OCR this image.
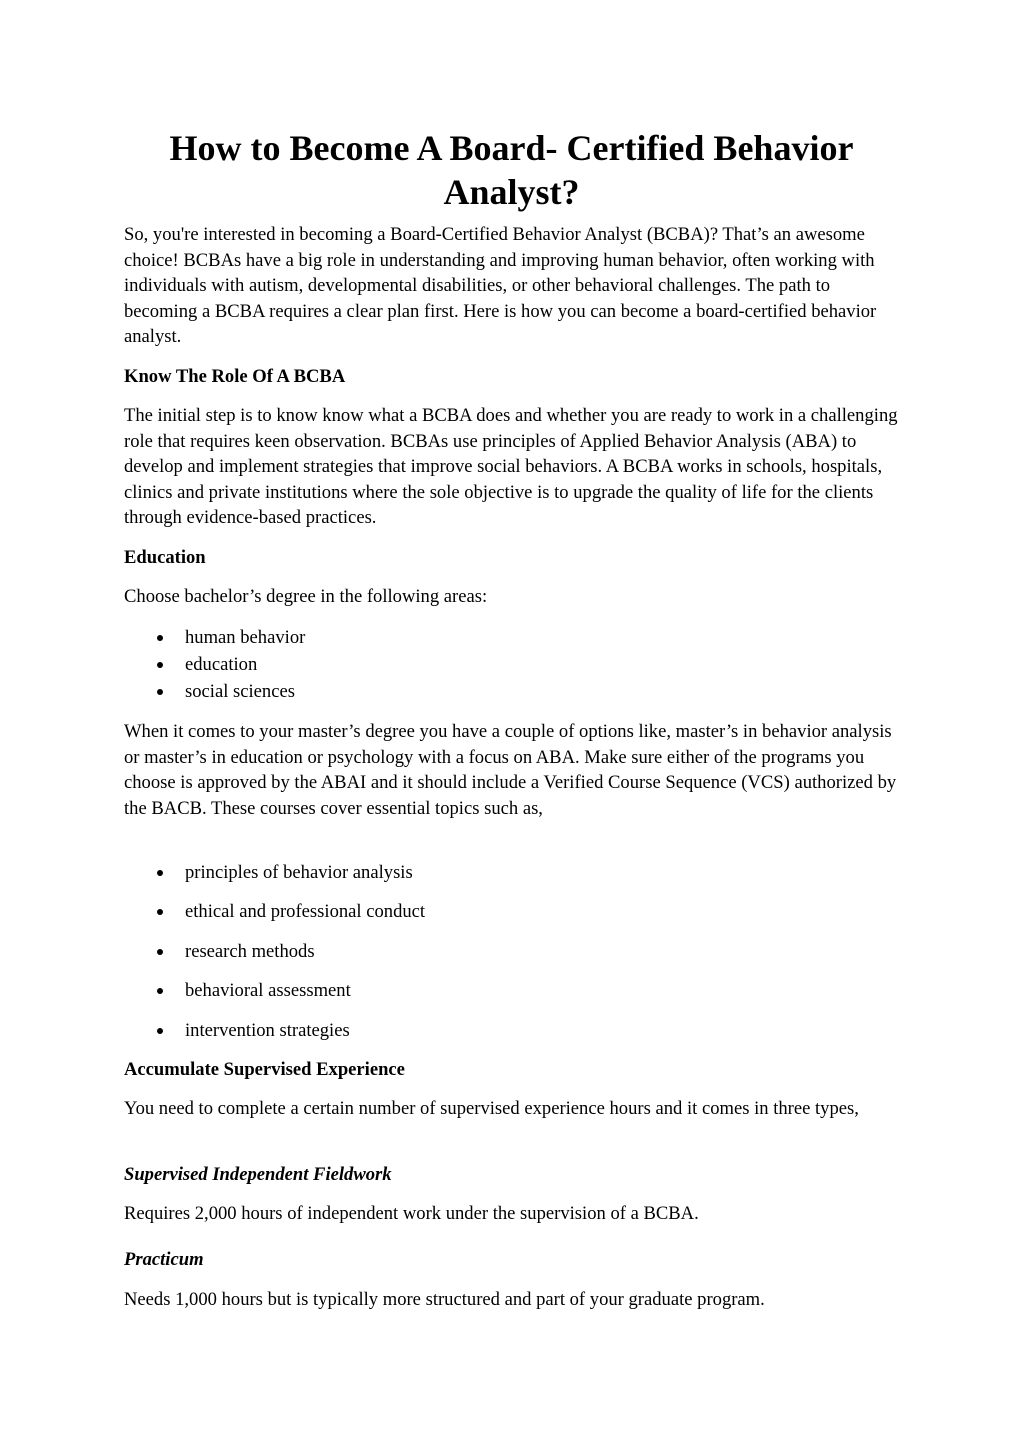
How to Become A Board- Certified Behavior Analyst?

So, you're interested in becoming a Board-Certified Behavior Analyst (BCBA)? That’s an awesome choice! BCBAs have a big role in understanding and improving human behavior, often working with individuals with autism, developmental disabilities, or other behavioral challenges. The path to becoming a BCBA requires a clear plan first. Here is how you can become a board-certified behavior analyst.

Know The Role Of A BCBA

The initial step is to know know what a BCBA does and whether you are ready to work in a challenging role that requires keen observation. BCBAs use principles of Applied Behavior Analysis (ABA) to develop and implement strategies that improve social behaviors. A BCBA works in schools, hospitals, clinics and private institutions where the sole objective is to upgrade the quality of life for the clients through evidence-based practices.

Education

Choose bachelor’s degree in the following areas:

human behavior
education
social sciences

When it comes to your master’s degree you have a couple of options like, master’s in behavior analysis or master’s in education or psychology with a focus on ABA. Make sure either of the programs you choose is approved by the ABAI and it should include a Verified Course Sequence (VCS) authorized by the BACB. These courses cover essential topics such as,

principles of behavior analysis
ethical and professional conduct
research methods
behavioral assessment
intervention strategies

Accumulate Supervised Experience

You need to complete a certain number of supervised experience hours and it comes in three types,

Supervised Independent Fieldwork

Requires 2,000 hours of independent work under the supervision of a BCBA.

Practicum

Needs 1,000 hours but is typically more structured and part of your graduate program.
